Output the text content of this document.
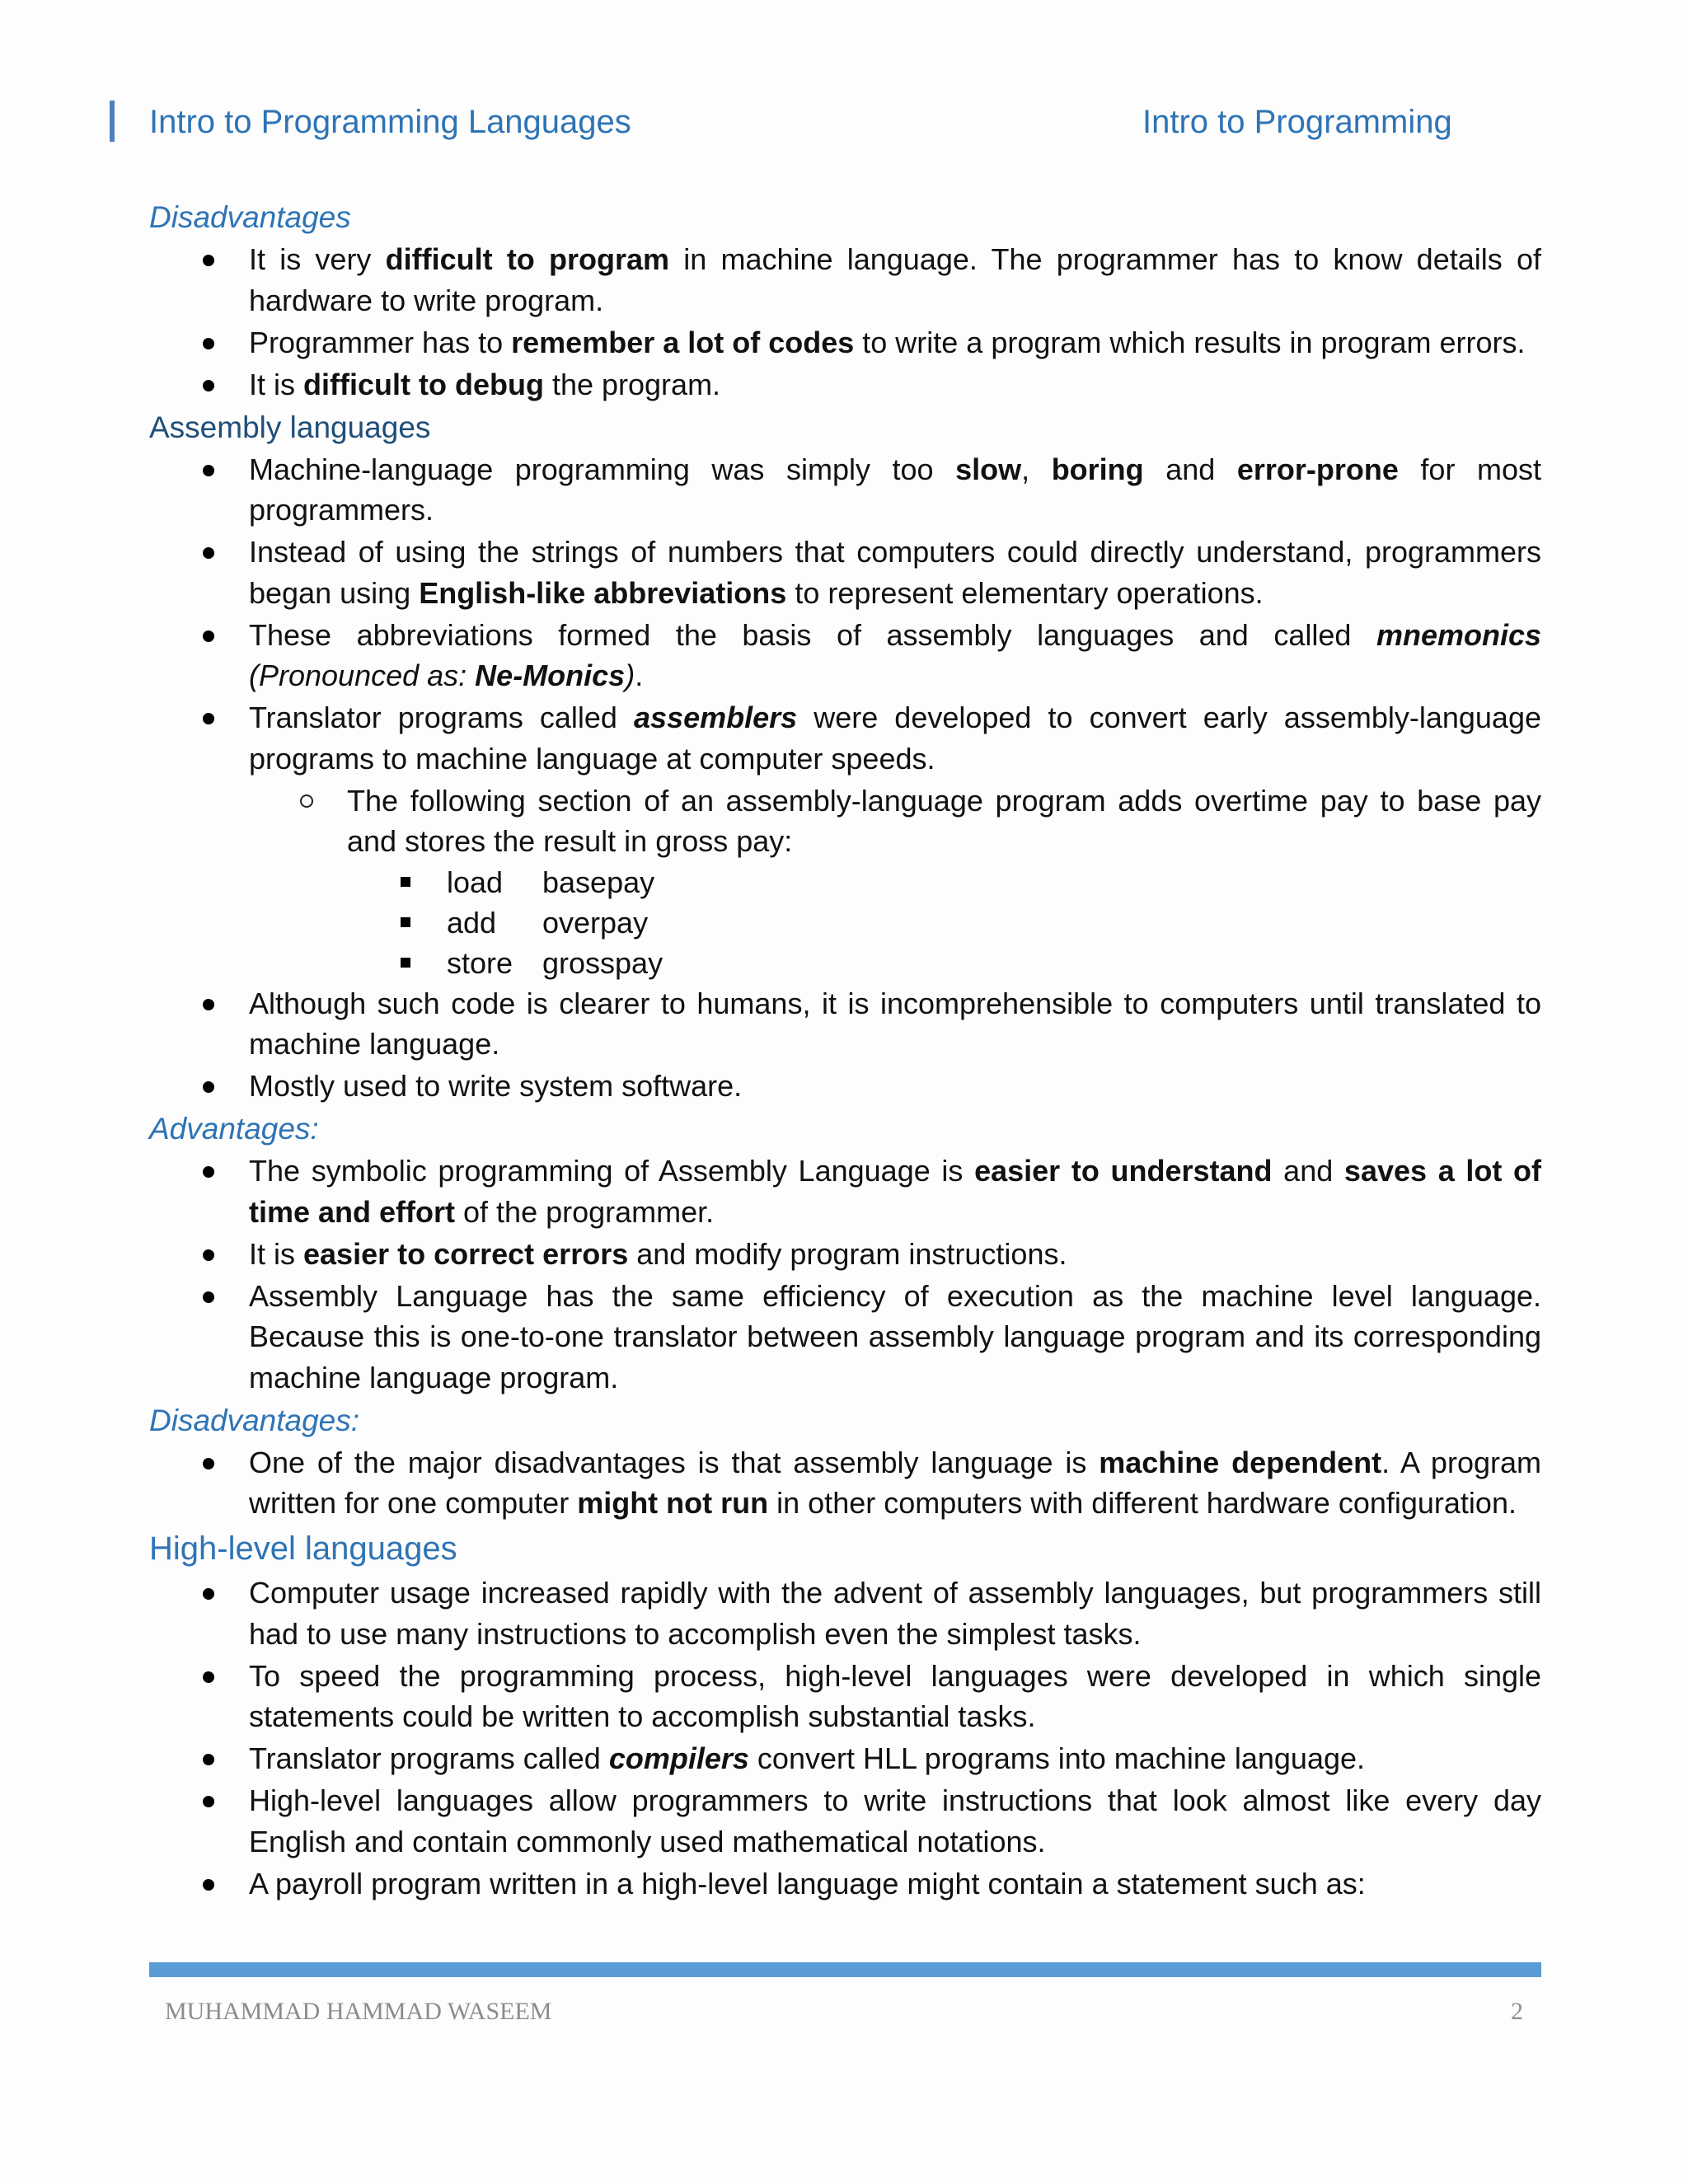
Intro to Programming Languages	Intro to Programming
Disadvantages
It is very difficult to program in machine language. The programmer has to know details of hardware to write program.
Programmer has to remember a lot of codes to write a program which results in program errors.
It is difficult to debug the program.
Assembly languages
Machine-language programming was simply too slow, boring and error-prone for most programmers.
Instead of using the strings of numbers that computers could directly understand, programmers began using English-like abbreviations to represent elementary operations.
These abbreviations formed the basis of assembly languages and called mnemonics (Pronounced as: Ne-Monics).
Translator programs called assemblers were developed to convert early assembly-language programs to machine language at computer speeds.
The following section of an assembly-language program adds overtime pay to base pay and stores the result in gross pay:
load basepay
add overpay
store grosspay
Although such code is clearer to humans, it is incomprehensible to computers until translated to machine language.
Mostly used to write system software.
Advantages:
The symbolic programming of Assembly Language is easier to understand and saves a lot of time and effort of the programmer.
It is easier to correct errors and modify program instructions.
Assembly Language has the same efficiency of execution as the machine level language. Because this is one-to-one translator between assembly language program and its corresponding machine language program.
Disadvantages:
One of the major disadvantages is that assembly language is machine dependent. A program written for one computer might not run in other computers with different hardware configuration.
High-level languages
Computer usage increased rapidly with the advent of assembly languages, but programmers still had to use many instructions to accomplish even the simplest tasks.
To speed the programming process, high-level languages were developed in which single statements could be written to accomplish substantial tasks.
Translator programs called compilers convert HLL programs into machine language.
High-level languages allow programmers to write instructions that look almost like every day English and contain commonly used mathematical notations.
A payroll program written in a high-level language might contain a statement such as:
MUHAMMAD HAMMAD WASEEM	2
